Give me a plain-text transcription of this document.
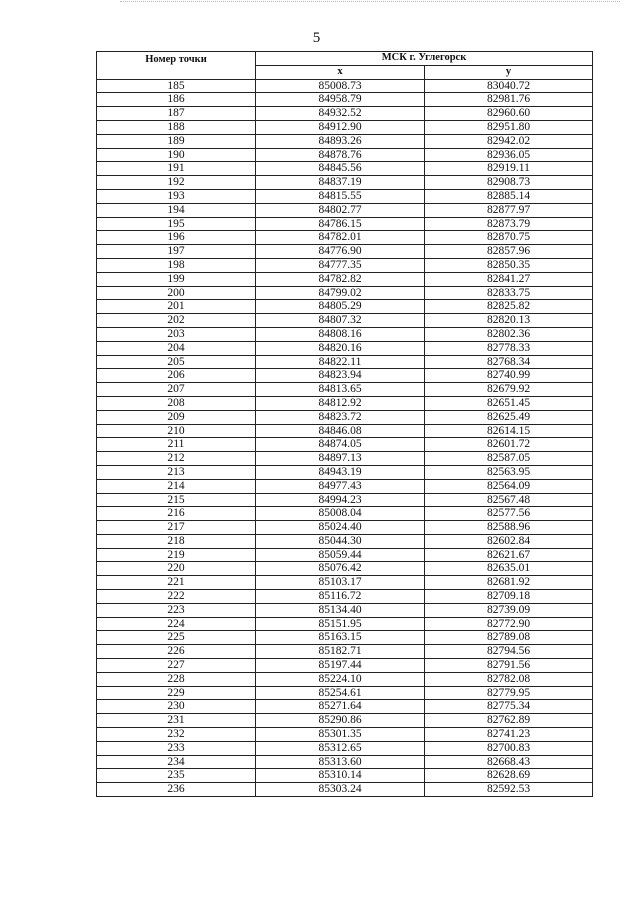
5
Номер точки	МСК г. Углегорск	
	x	y
185	85008.73	83040.72
186	84958.79	82981.76
187	84932.52	82960.60
188	84912.90	82951.80
189	84893.26	82942.02
190	84878.76	82936.05
191	84845.56	82919.11
192	84837.19	82908.73
193	84815.55	82885.14
194	84802.77	82877.97
195	84786.15	82873.79
196	84782.01	82870.75
197	84776.90	82857.96
198	84777.35	82850.35
199	84782.82	82841.27
200	84799.02	82833.75
201	84805.29	82825.82
202	84807.32	82820.13
203	84808.16	82802.36
204	84820.16	82778.33
205	84822.11	82768.34
206	84823.94	82740.99
207	84813.65	82679.92
208	84812.92	82651.45
209	84823.72	82625.49
210	84846.08	82614.15
211	84874.05	82601.72
212	84897.13	82587.05
213	84943.19	82563.95
214	84977.43	82564.09
215	84994.23	82567.48
216	85008.04	82577.56
217	85024.40	82588.96
218	85044.30	82602.84
219	85059.44	82621.67
220	85076.42	82635.01
221	85103.17	82681.92
222	85116.72	82709.18
223	85134.40	82739.09
224	85151.95	82772.90
225	85163.15	82789.08
226	85182.71	82794.56
227	85197.44	82791.56
228	85224.10	82782.08
229	85254.61	82779.95
230	85271.64	82775.34
231	85290.86	82762.89
232	85301.35	82741.23
233	85312.65	82700.83
234	85313.60	82668.43
235	85310.14	82628.69
236	85303.24	82592.53
